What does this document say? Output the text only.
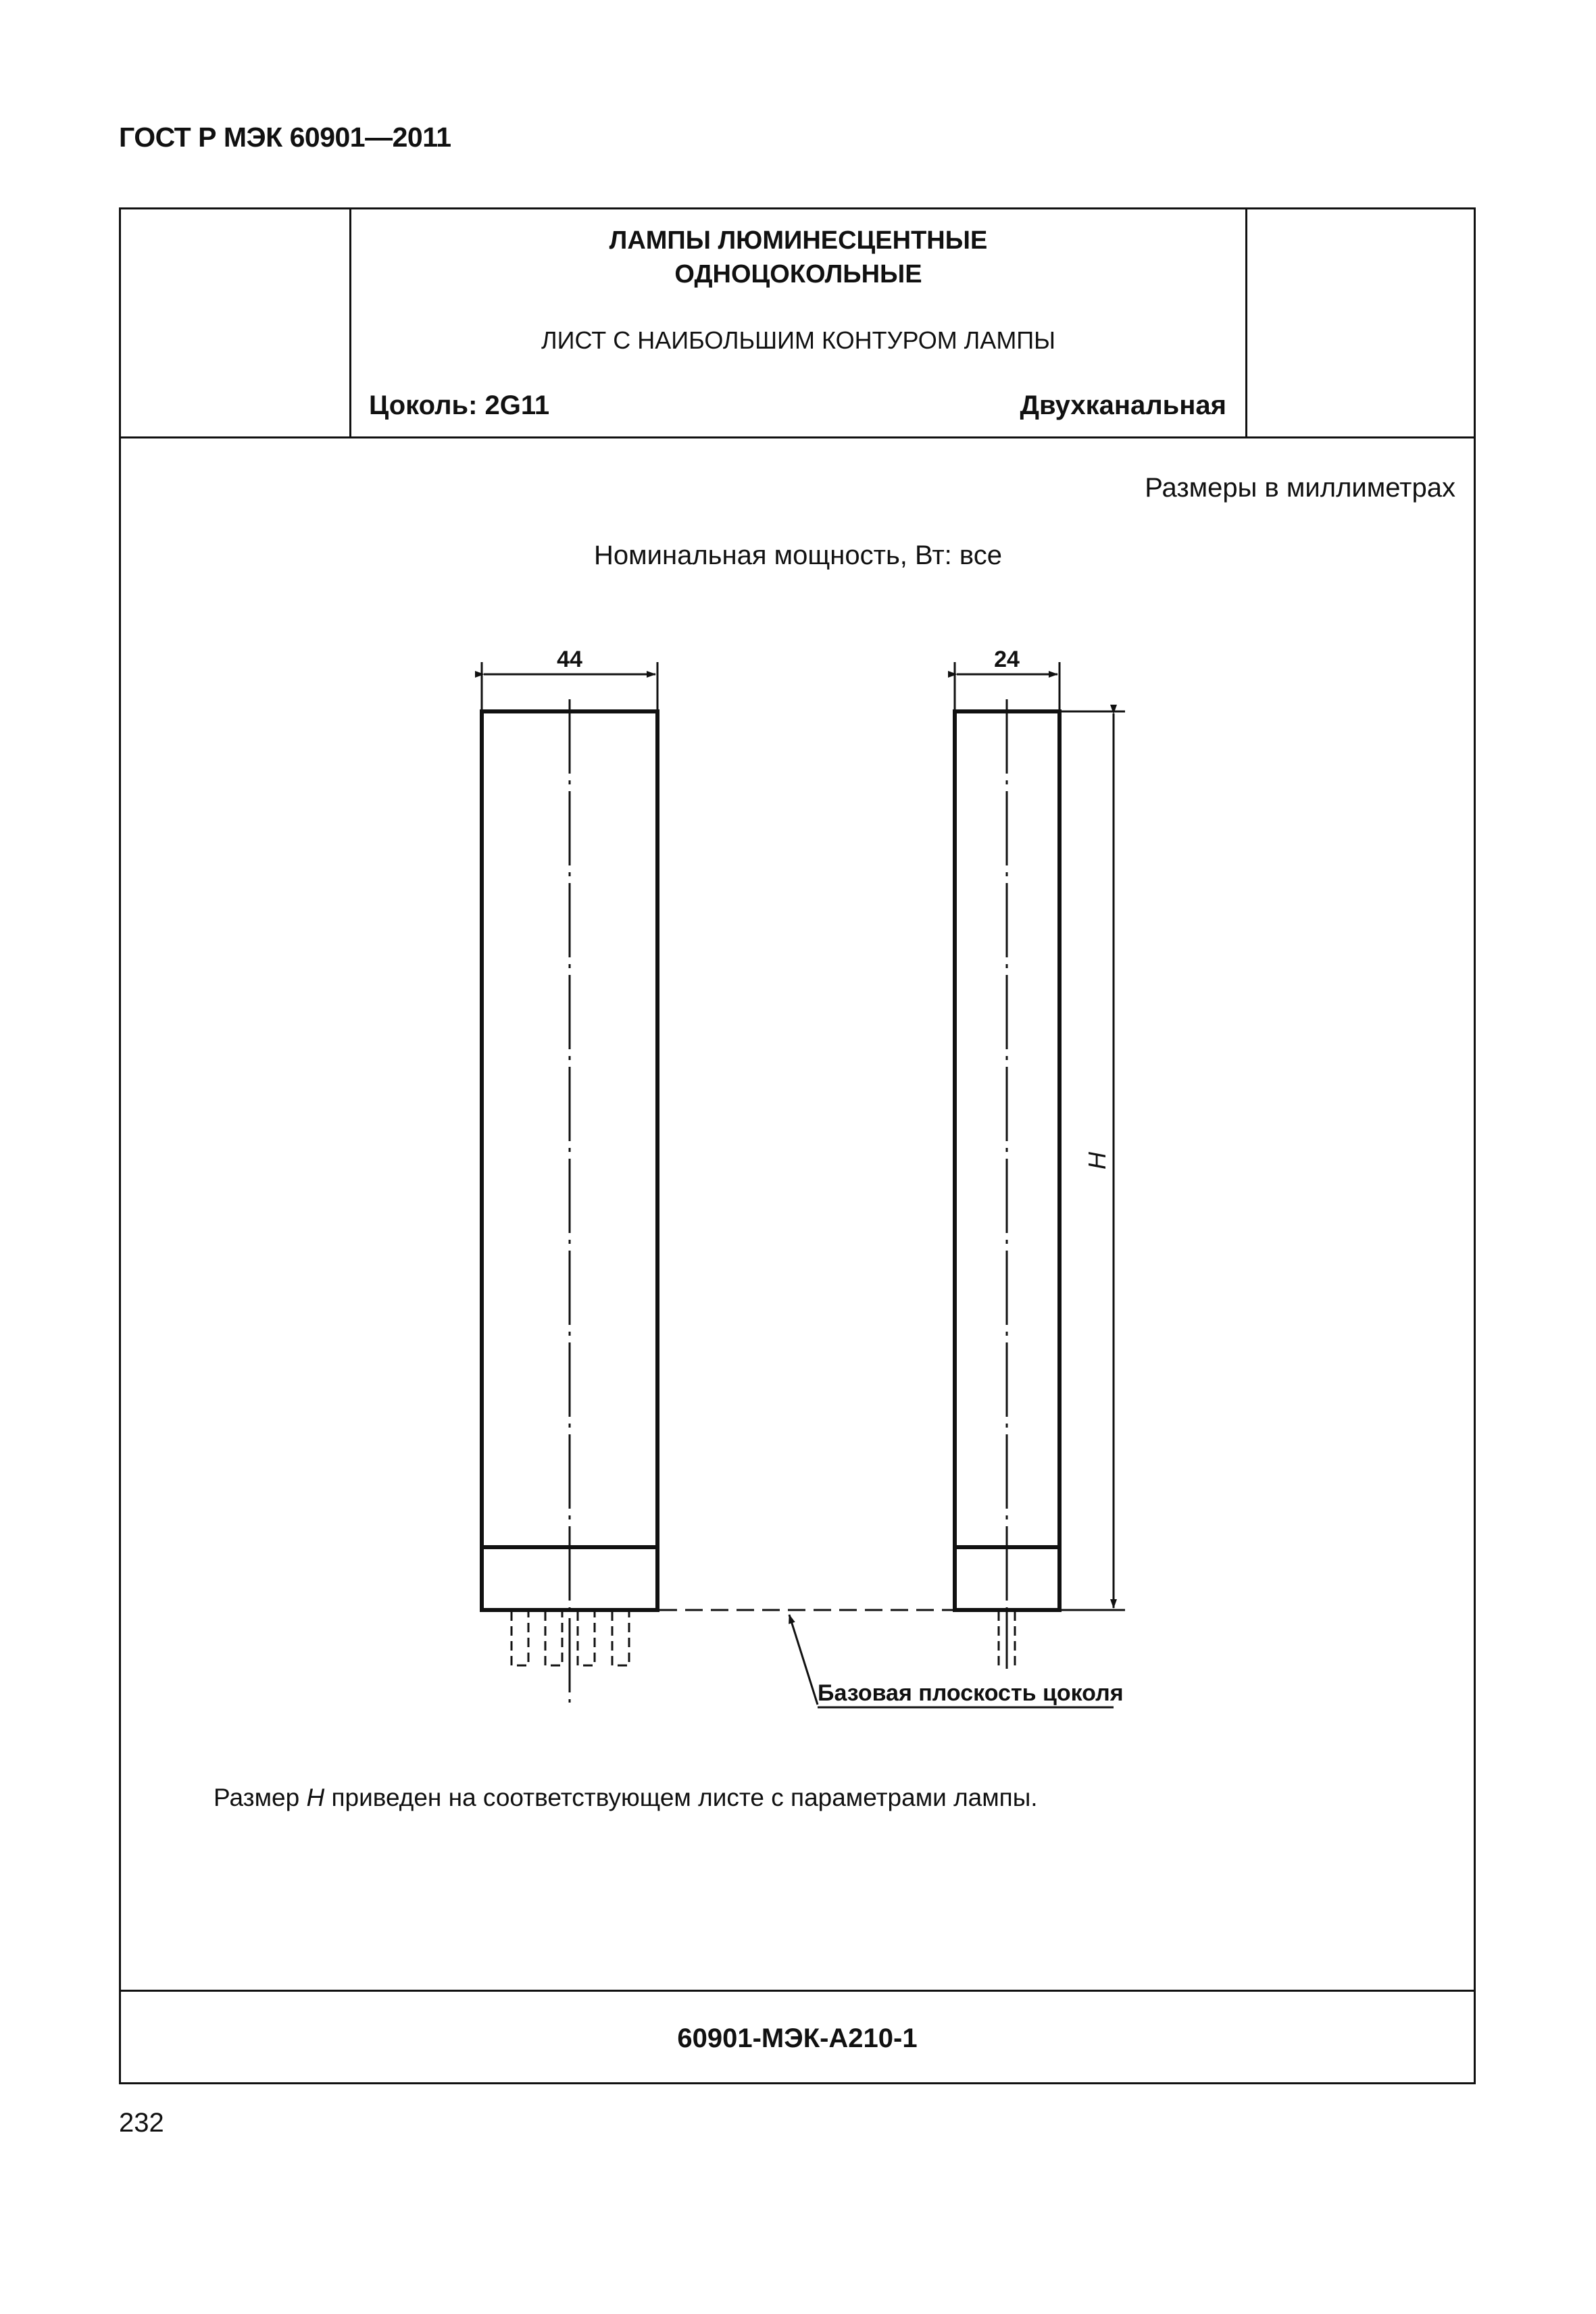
ГОСТ Р МЭК 60901—2011
ЛАМПЫ ЛЮМИНЕСЦЕНТНЫЕ
ОДНОЦОКОЛЬНЫЕ
ЛИСТ С НАИБОЛЬШИМ КОНТУРОМ ЛАМПЫ
Цоколь: 2G11	Двухканальная
Размеры в миллиметрах
Номинальная мощность, Вт: все
44	24
H
Базовая плоскость цоколя
Размер H приведен на соответствующем листе с параметрами лампы.
60901-МЭК-А210-1
232
